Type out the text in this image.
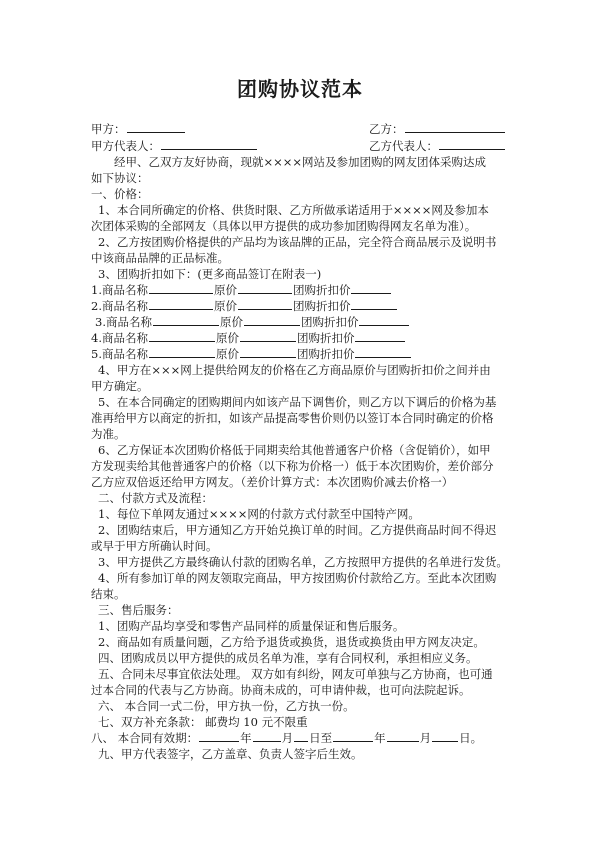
团购协议范本
甲方：	乙方：
甲方代表人：	乙方代表人：
经甲、乙双方友好协商，现就××××网站及参加团购的网友团体采购达成
如下协议：
一、价格：
1、本合同所确定的价格、供货时限、乙方所做承诺适用于××××网及参加本
次团体采购的全部网友（具体以甲方提供的成功参加团购得网友名单为准）。
2、乙方按团购价格提供的产品均为该品牌的正品，完全符合商品展示及说明书
中该商品品牌的正品标准。
3、团购折扣如下：(更多商品签订在附表一)
1.商品名称	原价	团购折扣价
2.商品名称	原价	团购折扣价
3.商品名称	原价	团购折扣价
4.商品名称	原价	团购折扣价
5.商品名称	原价	团购折扣价
4、甲方在×××网上提供给网友的价格在乙方商品原价与团购折扣价之间并由
甲方确定。
5、在本合同确定的团购期间内如该产品下调售价，则乙方以下调后的价格为基
准再给甲方以商定的折扣，如该产品提高零售价则仍以签订本合同时确定的价格
为准。
6、乙方保证本次团购价格低于同期卖给其他普通客户价格（含促销价），如甲
方发现卖给其他普通客户的价格（以下称为价格一）低于本次团购价，差价部分
乙方应双倍返还给甲方网友。（差价计算方式：本次团购价减去价格一）
二、付款方式及流程：
1、每位下单网友通过××××网的付款方式付款至中国特产网。
2、团购结束后，甲方通知乙方开始兑换订单的时间。乙方提供商品时间不得迟
或早于甲方所确认时间。
3、甲方提供乙方最终确认付款的团购名单，乙方按照甲方提供的名单进行发货。
4、所有参加订单的网友领取完商品，甲方按团购价付款给乙方。至此本次团购
结束。
三、售后服务：
1、团购产品均享受和零售产品同样的质量保证和售后服务。
2、商品如有质量问题，乙方给予退货或换货，退货或换货由甲方网友决定。
四、团购成员以甲方提供的成员名单为准，享有合同权利，承担相应义务。
五、合同未尽事宜依法处理。 双方如有纠纷，网友可单独与乙方协商，也可通
过本合同的代表与乙方协商。协商未成的，可申请仲裁，也可向法院起诉。
六、 本合同一式二份，甲方执一份，乙方执一份。
七、双方补充条款： 邮费均 10 元不限重
八、 本合同有效期：	年	月 日至	年	月 日。
九、甲方代表签字，乙方盖章、负责人签字后生效。
